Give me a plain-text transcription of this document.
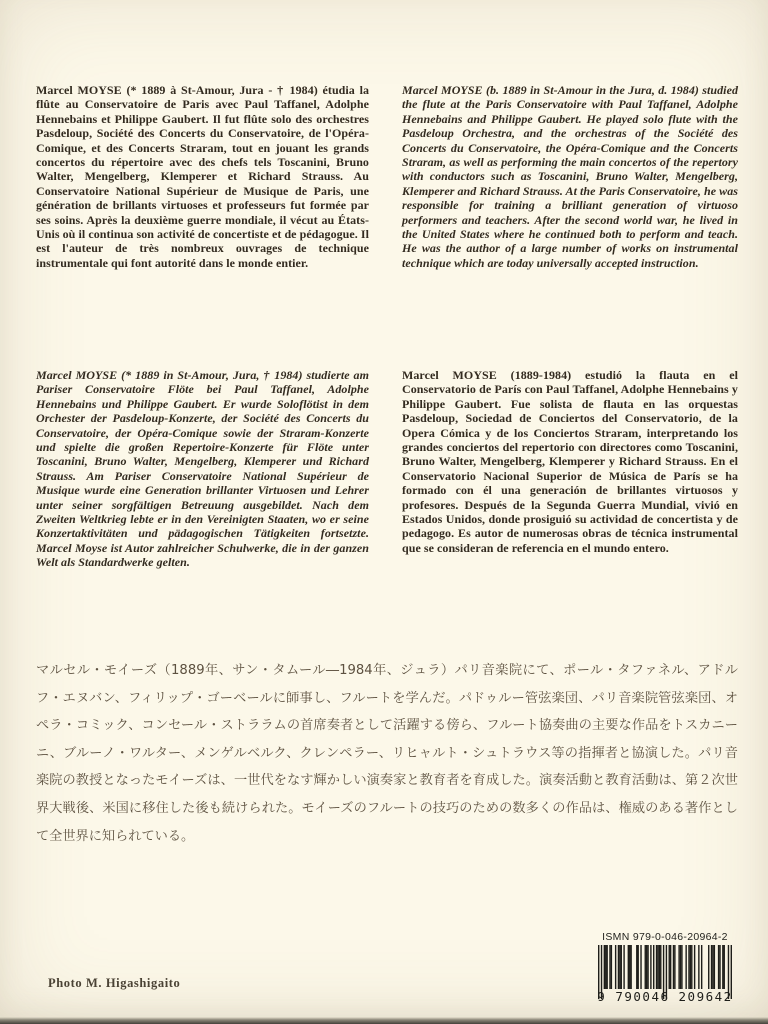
Marcel MOYSE (* 1889 à St-Amour, Jura - † 1984) étudia la flûte au Conservatoire de Paris avec Paul Taffanel, Adolphe Hennebains et Philippe Gaubert. Il fut flûte solo des orchestres Pasdeloup, Société des Concerts du Conservatoire, de l'Opéra-Comique, et des Concerts Straram, tout en jouant les grands concertos du répertoire avec des chefs tels Toscanini, Bruno Walter, Mengelberg, Klemperer et Richard Strauss. Au Conservatoire National Supérieur de Musique de Paris, une génération de brillants virtuoses et professeurs fut formée par ses soins. Après la deuxième guerre mondiale, il vécut au États-Unis où il continua son activité de concertiste et de pédagogue. Il est l'auteur de très nombreux ouvrages de technique instrumentale qui font autorité dans le monde entier.
Marcel MOYSE (b. 1889 in St-Amour in the Jura, d. 1984) studied the flute at the Paris Conservatoire with Paul Taffanel, Adolphe Hennebains and Philippe Gaubert. He played solo flute with the Pasdeloup Orchestra, and the orchestras of the Société des Concerts du Conservatoire, the Opéra-Comique and the Concerts Straram, as well as performing the main concertos of the repertory with conductors such as Toscanini, Bruno Walter, Mengelberg, Klemperer and Richard Strauss. At the Paris Conservatoire, he was responsible for training a brilliant generation of virtuoso performers and teachers. After the second world war, he lived in the United States where he continued both to perform and teach. He was the author of a large number of works on instrumental technique which are today universally accepted instruction.
Marcel MOYSE (* 1889 in St-Amour, Jura, † 1984) studierte am Pariser Conservatoire Flöte bei Paul Taffanel, Adolphe Hennebains und Philippe Gaubert. Er wurde Soloflötist in dem Orchester der Pasdeloup-Konzerte, der Société des Concerts du Conservatoire, der Opéra-Comique sowie der Straram-Konzerte und spielte die großen Repertoire-Konzerte für Flöte unter Toscanini, Bruno Walter, Mengelberg, Klemperer und Richard Strauss. Am Pariser Conservatoire National Supérieur de Musique wurde eine Generation brillanter Virtuosen und Lehrer unter seiner sorgfältigen Betreuung ausgebildet. Nach dem Zweiten Weltkrieg lebte er in den Vereinigten Staaten, wo er seine Konzertaktivitäten und pädagogischen Tätigkeiten fortsetzte. Marcel Moyse ist Autor zahlreicher Schulwerke, die in der ganzen Welt als Standardwerke gelten.
Marcel MOYSE (1889-1984) estudió la flauta en el Conservatorio de París con Paul Taffanel, Adolphe Hennebains y Philippe Gaubert. Fue solista de flauta en las orquestas Pasdeloup, Sociedad de Conciertos del Conservatorio, de la Opera Cómica y de los Conciertos Straram, interpretando los grandes conciertos del repertorio con directores como Toscanini, Bruno Walter, Mengelberg, Klemperer y Richard Strauss. En el Conservatorio Nacional Superior de Música de París se ha formado con él una generación de brillantes virtuosos y profesores. Después de la Segunda Guerra Mundial, vivió en Estados Unidos, donde prosiguió su actividad de concertista y de pedagogo. Es autor de numerosas obras de técnica instrumental que se consideran de referencia en el mundo entero.
マルセル・モイーズ（1889年、サン・タムール―1984年、ジュラ）パリ音楽院にて、ポール・タファネル、アドルフ・エヌバン、フィリップ・ゴーベールに師事し、フルートを学んだ。パドゥルー管弦楽団、パリ音楽院管弦楽団、オペラ・コミック、コンセール・ストララムの首席奏者として活躍する傍ら、フルート協奏曲の主要な作品をトスカニーニ、ブルーノ・ワルター、メンゲルベルク、クレンペラー、リヒャルト・シュトラウス等の指揮者と協演した。パリ音楽院の教授となったモイーズは、一世代をなす輝かしい演奏家と教育者を育成した。演奏活動と教育活動は、第２次世界大戦後、米国に移住した後も続けられた。モイーズのフルートの技巧のための数多くの作品は、権威のある著作として全世界に知られている。
Photo M. Higashigaito
ISMN 979-0-046-20964-2
9 790046 209642
